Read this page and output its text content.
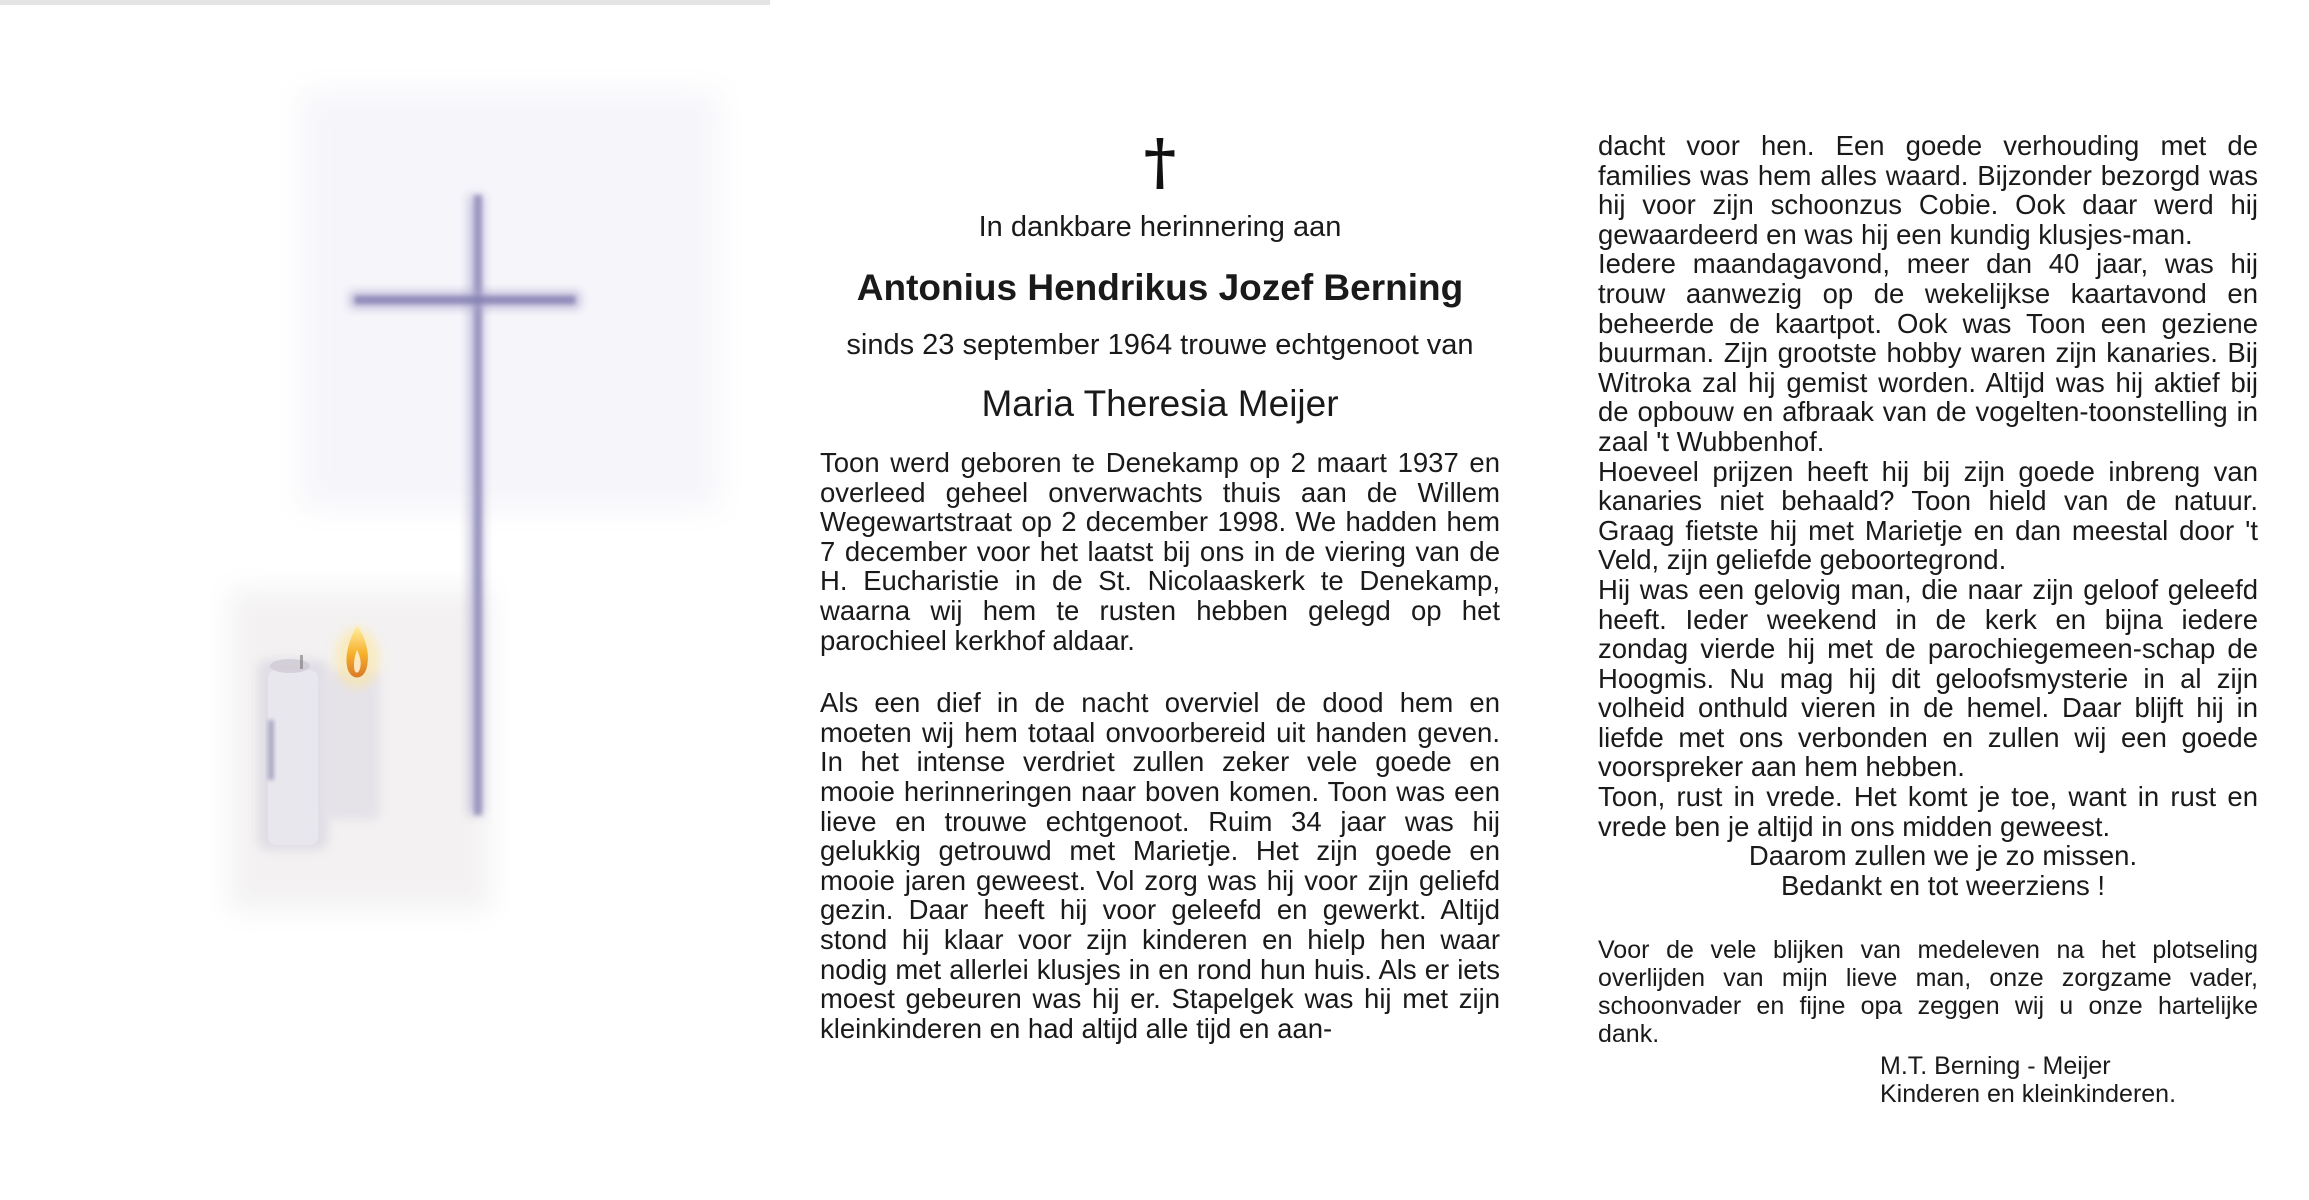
†
In dankbare herinnering aan
Antonius Hendrikus Jozef Berning
sinds 23 september 1964 trouwe echtgenoot van
Maria Theresia Meijer
Toon werd geboren te Denekamp op 2 maart 1937 en overleed geheel onverwachts thuis aan de Willem Wegewartstraat op 2 december 1998. We hadden hem 7 december voor het laatst bij ons in de viering van de H. Eucharistie in de St. Nicolaaskerk te Denekamp, waarna wij hem te rusten hebben gelegd op het parochieel kerkhof aldaar.
Als een dief in de nacht overviel de dood hem en moeten wij hem totaal onvoorbereid uit handen geven. In het intense verdriet zullen zeker vele goede en mooie herinneringen naar boven komen. Toon was een lieve en trouwe echtgenoot. Ruim 34 jaar was hij gelukkig getrouwd met Marietje. Het zijn goede en mooie jaren geweest. Vol zorg was hij voor zijn geliefd gezin. Daar heeft hij voor geleefd en gewerkt. Altijd stond hij klaar voor zijn kinderen en hielp hen waar nodig met allerlei klusjes in en rond hun huis. Als er iets moest gebeuren was hij er. Stapelgek was hij met zijn kleinkinderen en had altijd alle tijd en aan-
dacht voor hen. Een goede verhouding met de families was hem alles waard. Bijzonder bezorgd was hij voor zijn schoonzus Cobie. Ook daar werd hij gewaardeerd en was hij een kundig klusjes-man.
Iedere maandagavond, meer dan 40 jaar, was hij trouw aanwezig op de wekelijkse kaartavond en beheerde de kaartpot. Ook was Toon een geziene buurman. Zijn grootste hobby waren zijn kanaries. Bij Witroka zal hij gemist worden. Altijd was hij aktief bij de opbouw en afbraak van de vogelten-toonstelling in zaal 't Wubbenhof.
Hoeveel prijzen heeft hij bij zijn goede inbreng van kanaries niet behaald? Toon hield van de natuur. Graag fietste hij met Marietje en dan meestal door 't Veld, zijn geliefde geboortegrond.
Hij was een gelovig man, die naar zijn geloof geleefd heeft. Ieder weekend in de kerk en bijna iedere zondag vierde hij met de parochiegemeen-schap de Hoogmis. Nu mag hij dit geloofsmysterie in al zijn volheid onthuld vieren in de hemel. Daar blijft hij in liefde met ons verbonden en zullen wij een goede voorspreker aan hem hebben.
Toon, rust in vrede. Het komt je toe, want in rust en vrede ben je altijd in ons midden geweest.
Daarom zullen we je zo missen.
Bedankt en tot weerziens !
Voor de vele blijken van medeleven na het plotseling overlijden van mijn lieve man, onze zorgzame vader, schoonvader en fijne opa zeggen wij u onze hartelijke dank.
M.T. Berning - Meijer
Kinderen en kleinkinderen.
